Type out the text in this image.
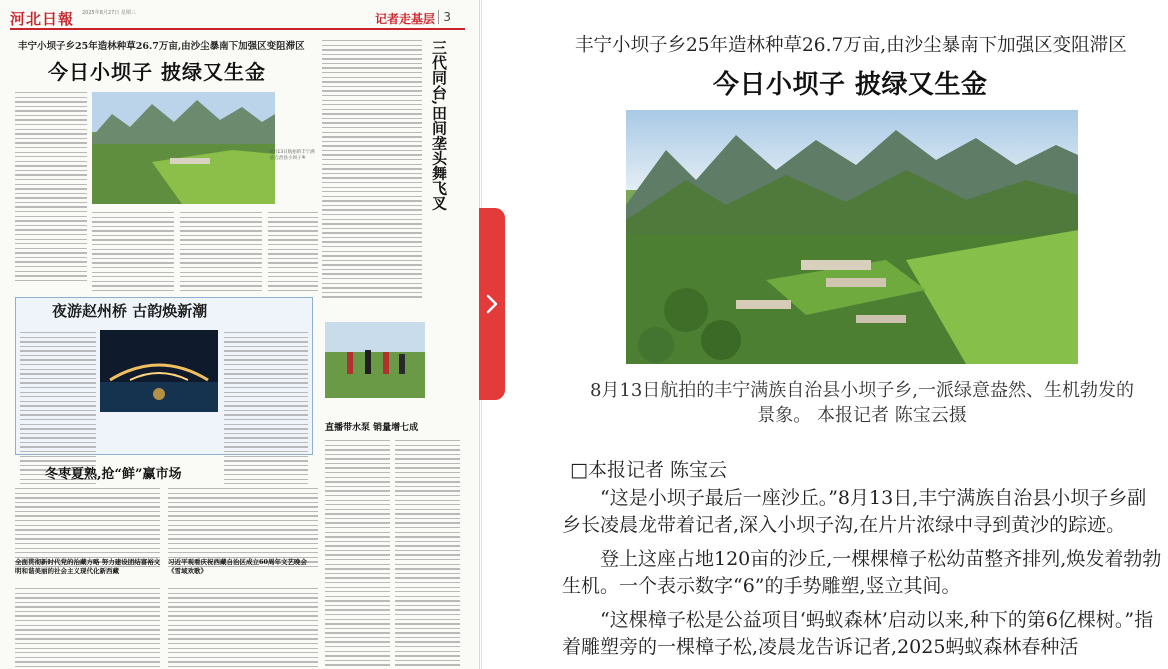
河北日報 2025年8月27日 星期三	记者走基层 3
丰宁小坝子乡25年造林种草26.7万亩,由沙尘暴南下加强区变阻滞区
今日小坝子 披绿又生金
8月13日航拍的丰宁满族自治县小坝子乡	三代同台,田间垄头舞飞叉
夜游赵州桥 古韵焕新潮
直播带水泵 销量增七成
冬枣夏熟,抢“鲜”赢市场
全面贯彻新时代党的治藏方略 努力建设团结富裕文明和谐美丽的社会主义现代化新西藏
习近平观看庆祝西藏自治区成立60周年文艺晚会《雪域欢歌》
丰宁小坝子乡25年造林种草26.7万亩,由沙尘暴南下加强区变阻滞区
今日小坝子 披绿又生金
8月13日航拍的丰宁满族自治县小坝子乡,一派绿意盎然、生机勃发的景象。 本报记者 陈宝云摄
□本报记者 陈宝云

“这是小坝子最后一座沙丘。”8月13日,丰宁满族自治县小坝子乡副乡长凌晨龙带着记者,深入小坝子沟,在片片浓绿中寻到黄沙的踪迹。

登上这座占地120亩的沙丘,一棵棵樟子松幼苗整齐排列,焕发着勃勃生机。一个表示数字“6”的手势雕塑,竖立其间。

“这棵樟子松是公益项目‘蚂蚁森林’启动以来,种下的第6亿棵树。”指着雕塑旁的一棵樟子松,凌晨龙告诉记者,2025蚂蚁森林春种活
